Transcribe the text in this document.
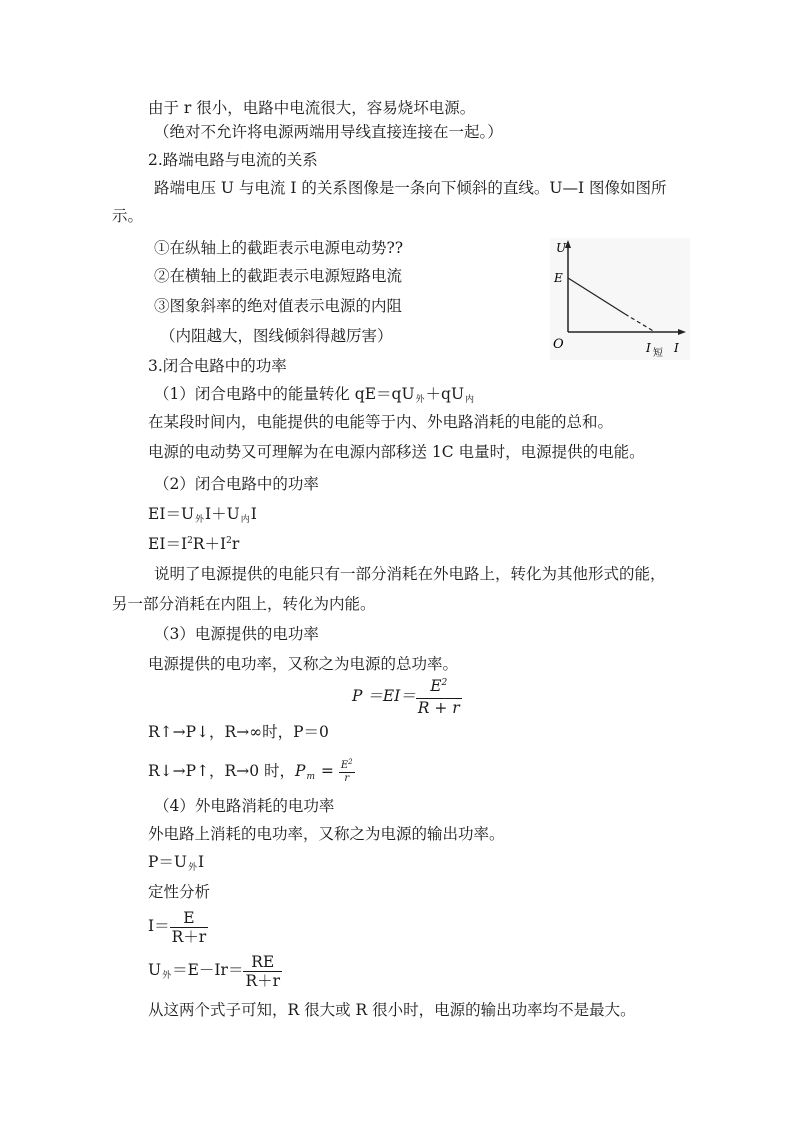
由于 r 很小，电路中电流很大，容易烧坏电源。
（绝对不允许将电源两端用导线直接连接在一起。）
2.路端电路与电流的关系
路端电压 U 与电流 I 的关系图像是一条向下倾斜的直线。U—I 图像如图所
示。
①在纵轴上的截距表示电源电动势??
②在横轴上的截距表示电源短路电流
③图象斜率的绝对值表示电源的内阻
（内阻越大，图线倾斜得越厉害）
U
E
O	I 短 I
3.闭合电路中的功率
（1）闭合电路中的能量转化 qE＝qU外＋qU内
在某段时间内，电能提供的电能等于内、外电路消耗的电能的总和。
电源的电动势又可理解为在电源内部移送 1C 电量时，电源提供的电能。
（2）闭合电路中的功率
EI＝U外I＋U内I
$EI=I^2R+I^2r$
说明了电源提供的电能只有一部分消耗在外电路上，转化为其他形式的能，
另一部分消耗在内阻上，转化为内能。
（3）电源提供的电功率
电源提供的电功率，又称之为电源的总功率。
$P =EI= \frac{E^2}{R + r}$
R↑→P↓，R→∞时，P＝0
R↓→P↑，R→0 时，$Pm = \frac{E^2}{r}$
（4）外电路消耗的电功率
外电路上消耗的电功率，又称之为电源的输出功率。
P＝U外I
定性分析
$I= \frac{E}{R+r}$
U外$=E-Ir= \frac{RE}{R+r}$
从这两个式子可知，R 很大或 R 很小时，电源的输出功率均不是最大。
